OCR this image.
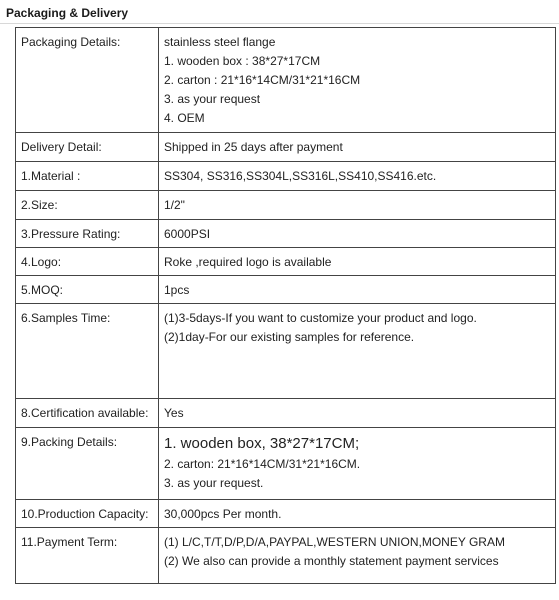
Packaging & Delivery
Packaging Details:	stainless steel flange
1. wooden box : 38*27*17CM
2. carton : 21*16*14CM/31*21*16CM
3. as your request
4. OEM

Delivery Detail:	Shipped in 25 days after payment

1.Material :	SS304, SS316,SS304L,SS316L,SS410,SS416.etc.

2.Size:	1/2"

3.Pressure Rating:	6000PSI

4.Logo:	Roke ,required logo is available

5.MOQ:	1pcs

6.Samples Time:	(1)3-5days-If you want to customize your product and logo.
(2)1day-For our existing samples for reference.

8.Certification available:	Yes

9.Packing Details:	1. wooden box, 38*27*17CM;
2. carton: 21*16*14CM/31*21*16CM.
3. as your request.

10.Production Capacity:	30,000pcs Per month.

11.Payment Term:	(1) L/C,T/T,D/P,D/A,PAYPAL,WESTERN UNION,MONEY GRAM
(2) We also can provide a monthly statement payment services
